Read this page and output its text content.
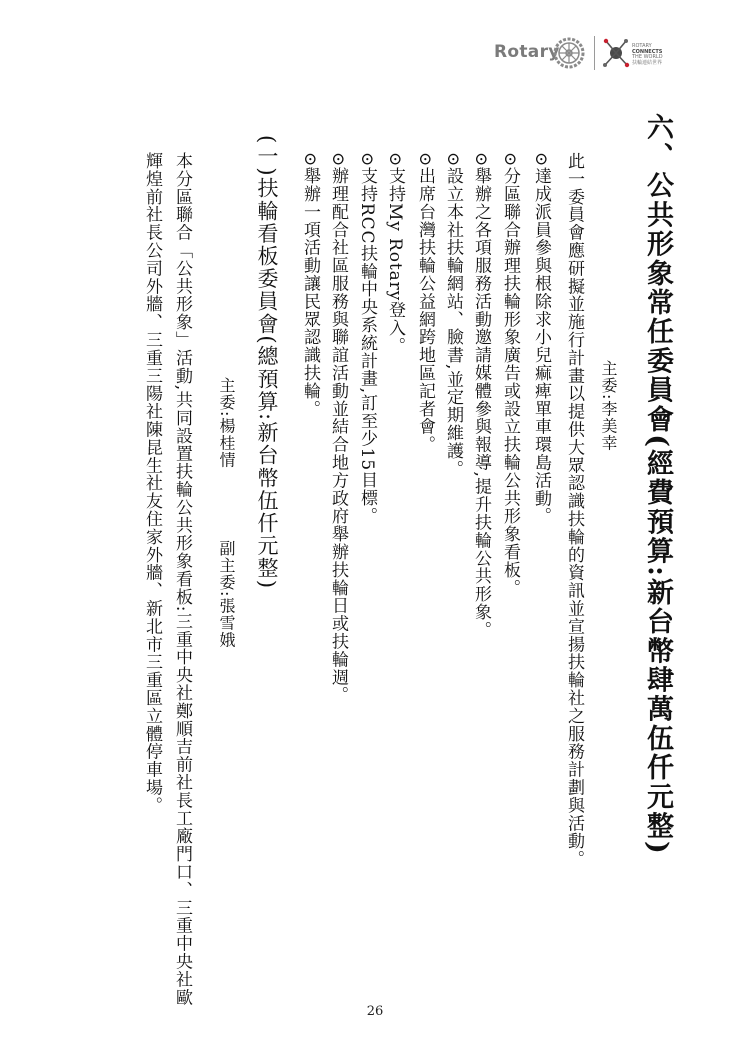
Rotary	ROTARY
CONNECTS
THE WORLD
扶輪連結世界
六、公共形象常任委員會(經費預算:新台幣肆萬伍仟元整)
主委:李美幸
此一委員會應研擬並施行計畫以提供大眾認識扶輪的資訊並宣揚扶輪社之服務計劃與活動。
⊙達成派員參與根除求小兒痲痺單車環島活動。
⊙分區聯合辦理扶輪形象廣告或設立扶輪公共形象看板。
⊙舉辦之各項服務活動邀請媒體參與報導,提升扶輪公共形象。
⊙設立本社扶輪網站、臉書,並定期維護。
⊙出席台灣扶輪公益網跨地區記者會。
⊙支持My Rotary登入。
⊙支持RCC扶輪中央系統計畫,訂至少15目標。
⊙辦理配合社區服務與聯誼活動並結合地方政府舉辦扶輪日或扶輪週。
⊙舉辦一項活動讓民眾認識扶輪。
(一)扶輪看板委員會(總預算:新台幣伍仟元整)
主委:楊桂情
副主委:張雪娥
本分區聯合「公共形象」活動,共同設置扶輪公共形象看板:三重中央社鄭順吉前社長工廠門口、三重中央社歐
輝煌前社長公司外牆、三重三陽社陳昆生社友住家外牆、新北市三重區立體停車場。
26
